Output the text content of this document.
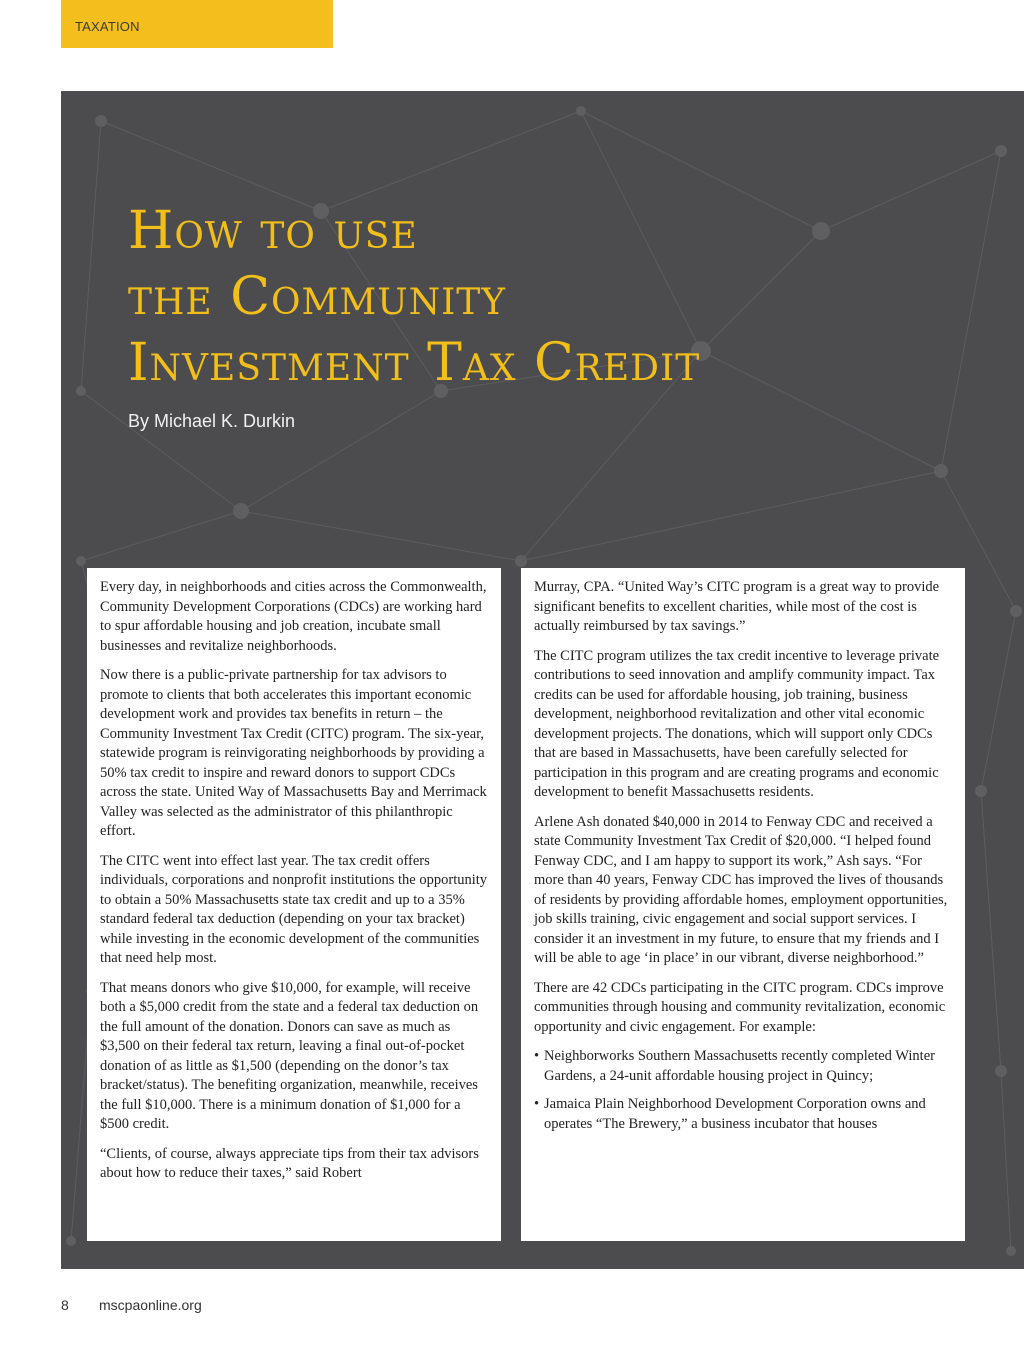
TAXATION
How to use
the Community
Investment Tax Credit
By Michael K. Durkin

Every day, in neighborhoods and cities across the Commonwealth, Community Development Corporations (CDCs) are working hard to spur affordable housing and job creation, incubate small businesses and revitalize neighborhoods.

Now there is a public-private partnership for tax advisors to promote to clients that both accelerates this important economic development work and provides tax benefits in return – the Community Investment Tax Credit (CITC) program. The six-year, statewide program is reinvigorating neighborhoods by providing a 50% tax credit to inspire and reward donors to support CDCs across the state. United Way of Massachusetts Bay and Merrimack Valley was selected as the administrator of this philanthropic effort.

The CITC went into effect last year. The tax credit offers individuals, corporations and nonprofit institutions the opportunity to obtain a 50% Massachusetts state tax credit and up to a 35% standard federal tax deduction (depending on your tax bracket) while investing in the economic development of the communities that need help most.

That means donors who give $10,000, for example, will receive both a $5,000 credit from the state and a federal tax deduction on the full amount of the donation. Donors can save as much as $3,500 on their federal tax return, leaving a final out-of-pocket donation of as little as $1,500 (depending on the donor’s tax bracket/status). The benefiting organization, meanwhile, receives the full $10,000. There is a minimum donation of $1,000 for a $500 credit.

“Clients, of course, always appreciate tips from their tax advisors about how to reduce their taxes,” said Robert

Murray, CPA. “United Way’s CITC program is a great way to provide significant benefits to excellent charities, while most of the cost is actually reimbursed by tax savings.”

The CITC program utilizes the tax credit incentive to leverage private contributions to seed innovation and amplify community impact. Tax credits can be used for affordable housing, job training, business development, neighborhood revitalization and other vital economic development projects. The donations, which will support only CDCs that are based in Massachusetts, have been carefully selected for participation in this program and are creating programs and economic development to benefit Massachusetts residents.

Arlene Ash donated $40,000 in 2014 to Fenway CDC and received a state Community Investment Tax Credit of $20,000. “I helped found Fenway CDC, and I am happy to support its work,” Ash says. “For more than 40 years, Fenway CDC has improved the lives of thousands of residents by providing affordable homes, employment opportunities, job skills training, civic engagement and social support services. I consider it an investment in my future, to ensure that my friends and I will be able to age ‘in place’ in our vibrant, diverse neighborhood.”

There are 42 CDCs participating in the CITC program. CDCs improve communities through housing and community revitalization, economic opportunity and civic engagement. For example:

• Neighborworks Southern Massachusetts recently completed Winter Gardens, a 24-unit affordable housing project in Quincy;
• Jamaica Plain Neighborhood Development Corporation owns and operates “The Brewery,” a business incubator that houses
8 mscpaonline.org
